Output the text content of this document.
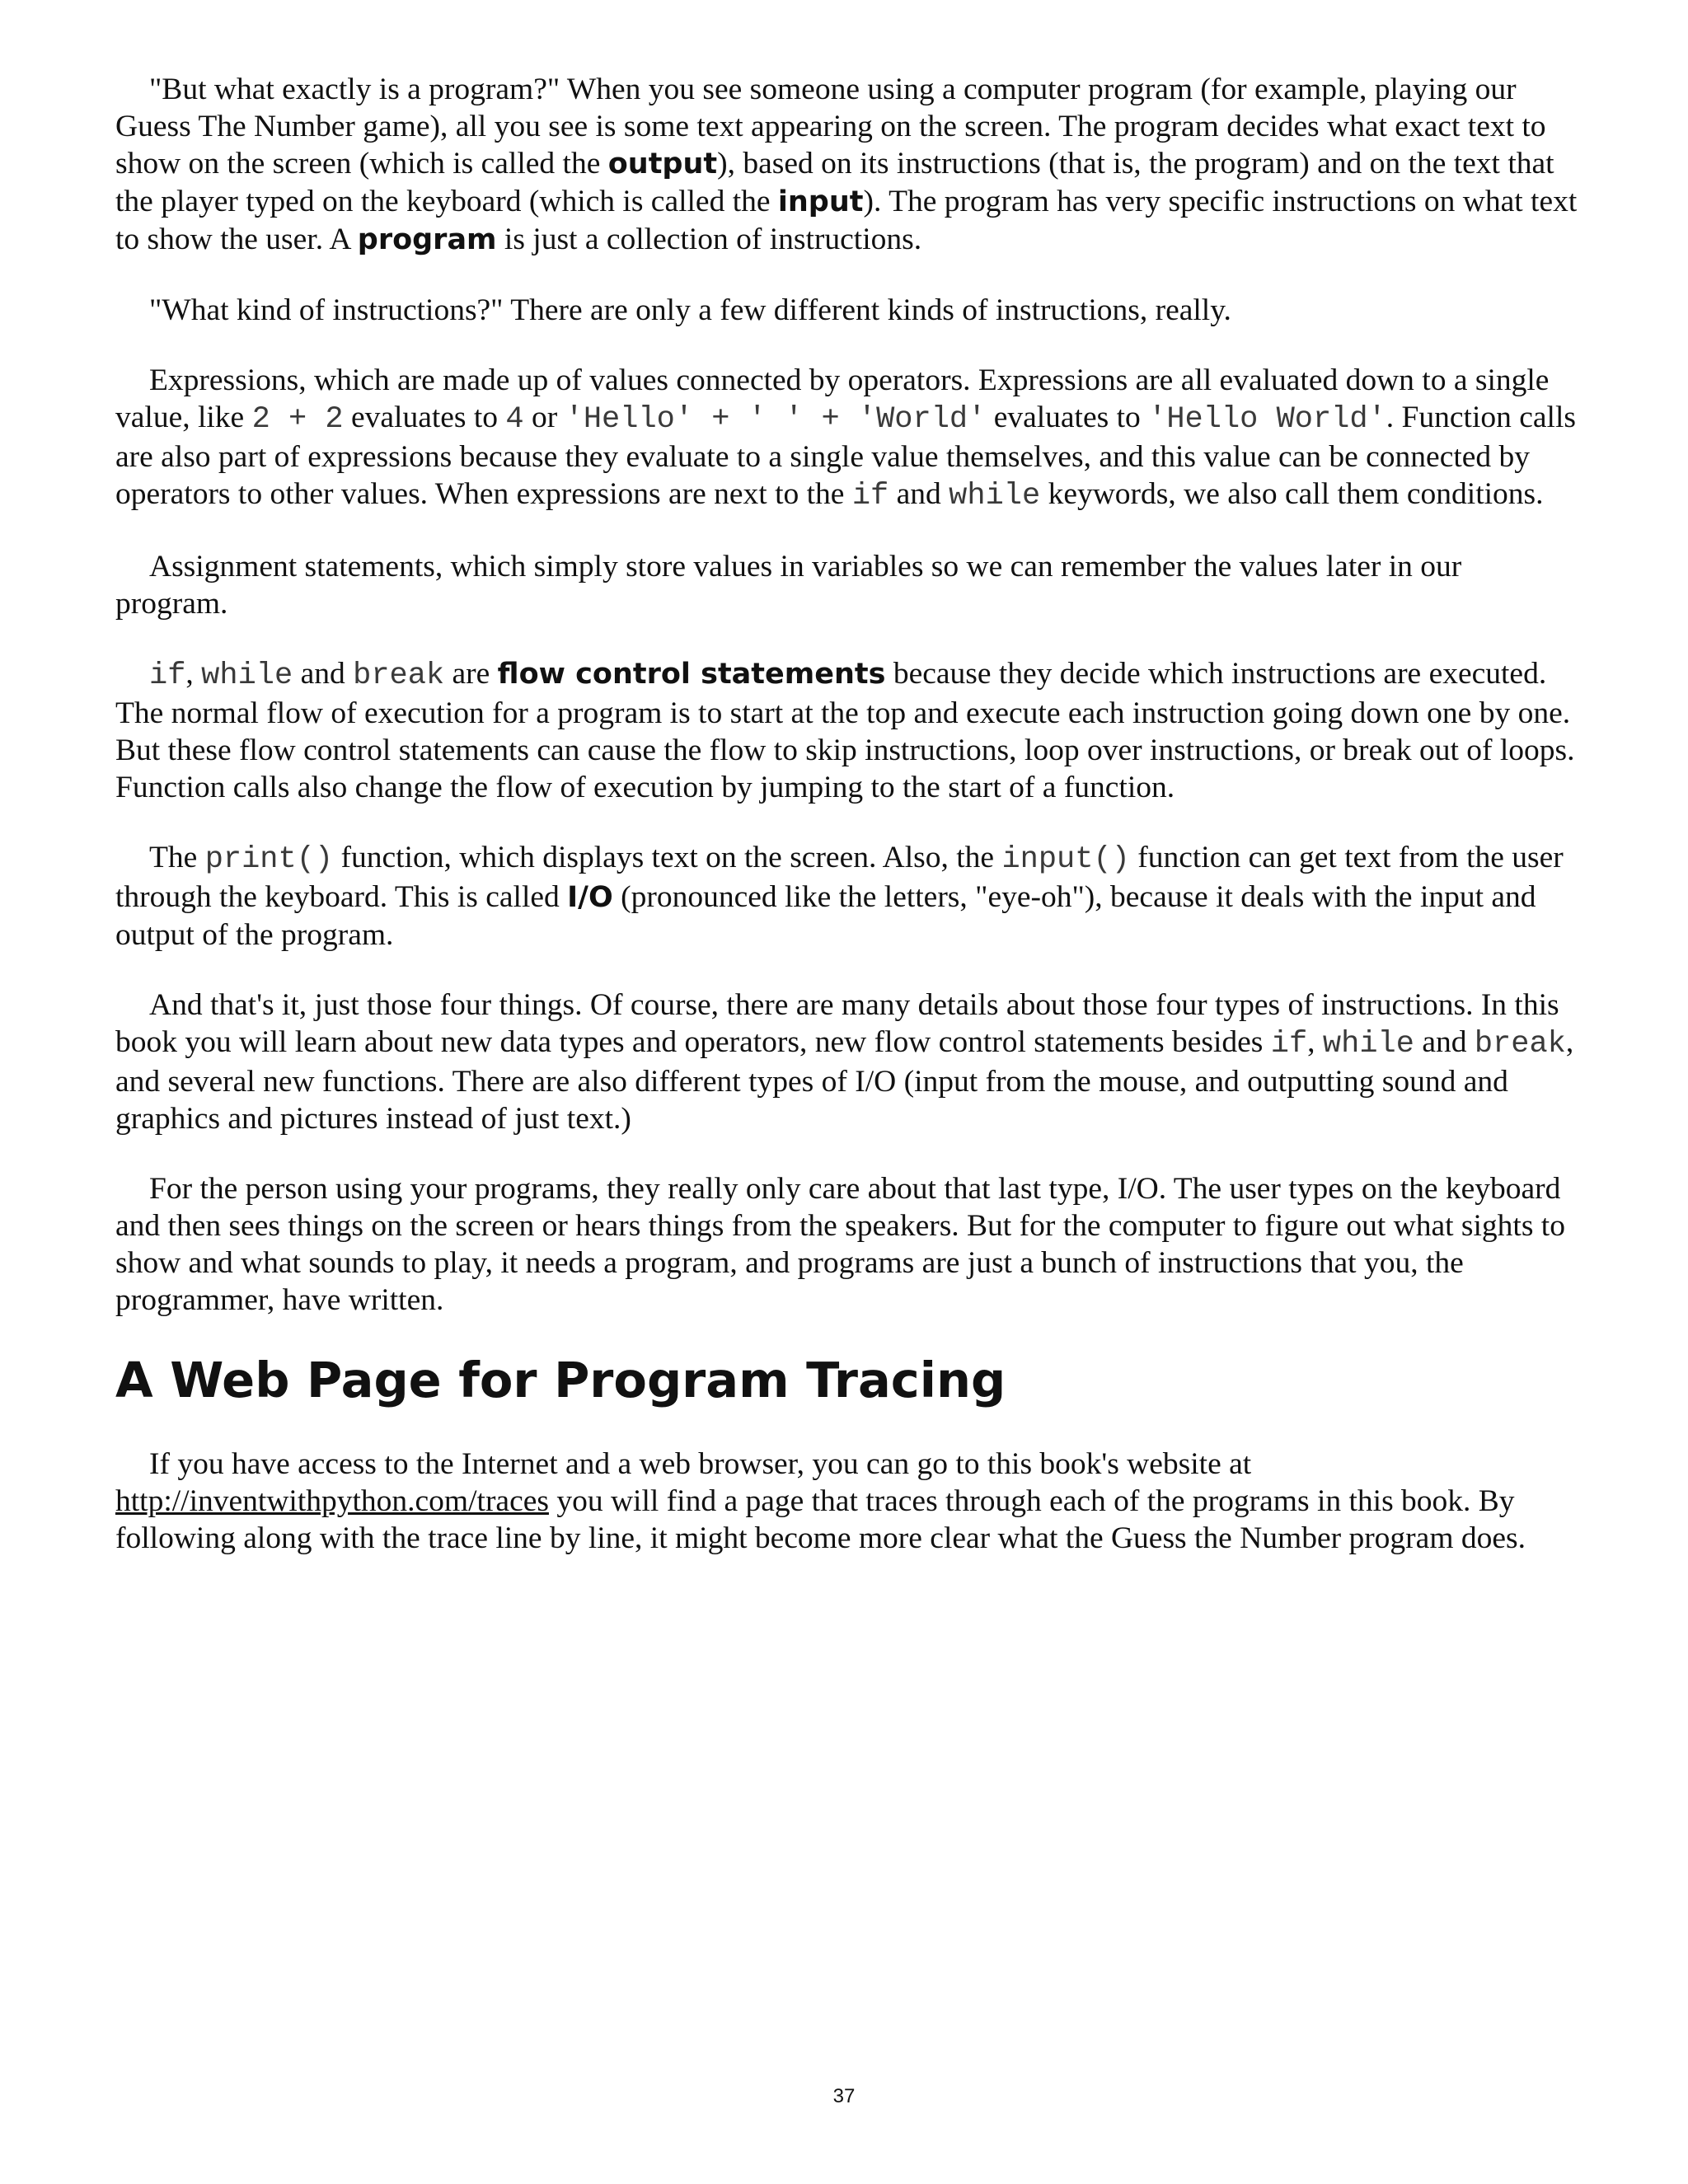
"But what exactly is a program?" When you see someone using a computer program (for example, playing our Guess The Number game), all you see is some text appearing on the screen. The program decides what exact text to show on the screen (which is called the output), based on its instructions (that is, the program) and on the text that the player typed on the keyboard (which is called the input). The program has very specific instructions on what text to show the user. A program is just a collection of instructions.

"What kind of instructions?" There are only a few different kinds of instructions, really.

Expressions, which are made up of values connected by operators. Expressions are all evaluated down to a single value, like 2 + 2 evaluates to 4 or 'Hello' + ' ' + 'World' evaluates to 'Hello World'. Function calls are also part of expressions because they evaluate to a single value themselves, and this value can be connected by operators to other values. When expressions are next to the if and while keywords, we also call them conditions.

Assignment statements, which simply store values in variables so we can remember the values later in our program.

if, while and break are flow control statements because they decide which instructions are executed. The normal flow of execution for a program is to start at the top and execute each instruction going down one by one. But these flow control statements can cause the flow to skip instructions, loop over instructions, or break out of loops. Function calls also change the flow of execution by jumping to the start of a function.

The print() function, which displays text on the screen. Also, the input() function can get text from the user through the keyboard. This is called I/O (pronounced like the letters, "eye-oh"), because it deals with the input and output of the program.

And that's it, just those four things. Of course, there are many details about those four types of instructions. In this book you will learn about new data types and operators, new flow control statements besides if, while and break, and several new functions. There are also different types of I/O (input from the mouse, and outputting sound and graphics and pictures instead of just text.)

For the person using your programs, they really only care about that last type, I/O. The user types on the keyboard and then sees things on the screen or hears things from the speakers. But for the computer to figure out what sights to show and what sounds to play, it needs a program, and programs are just a bunch of instructions that you, the programmer, have written.

A Web Page for Program Tracing

If you have access to the Internet and a web browser, you can go to this book's website at http://inventwithpython.com/traces you will find a page that traces through each of the programs in this book. By following along with the trace line by line, it might become more clear what the Guess the Number program does.

37
